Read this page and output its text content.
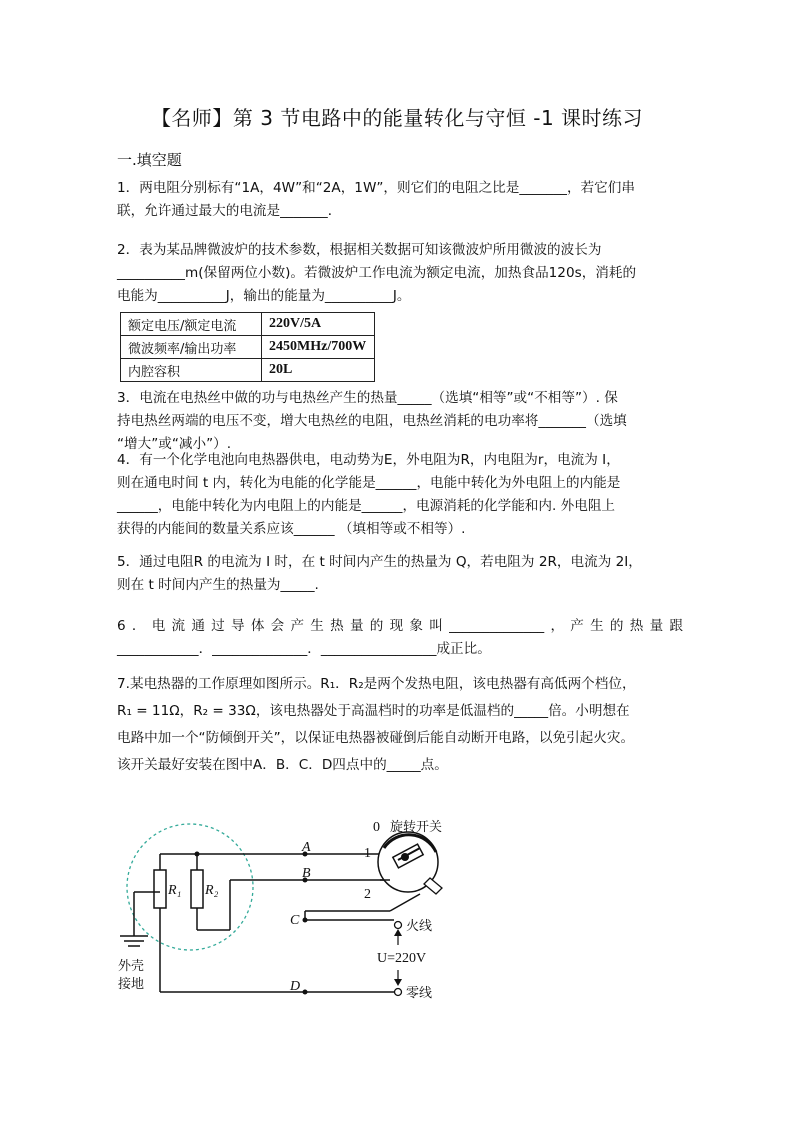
【名师】第 3 节电路中的能量转化与守恒 -1 课时练习
一.填空题

1．两电阻分别标有“1A，4W”和“2A，1W”，则它们的电阻之比是_______，若它们串

联，允许通过最大的电流是_______．

2．表为某品牌微波炉的技术参数，根据相关数据可知该微波炉所用微波的波长为

__________m(保留两位小数)。若微波炉工作电流为额定电流，加热食品120s，消耗的

电能为__________J，输出的能量为__________J。

额定电压/额定电流	220V/5A
微波频率/输出功率	2450MHz/700W
内腔容积	20L

3．电流在电热丝中做的功与电热丝产生的热量_____（选填“相等”或“不相等”）. 保

持电热丝两端的电压不变，增大电热丝的电阻，电热丝消耗的电功率将_______（选填

“增大”或“减小”）.

4．有一个化学电池向电热器供电，电动势为E，外电阻为R，内电阻为r，电流为 I，

则在通电时间 t 内，转化为电能的化学能是______，电能中转化为外电阻上的内能是

______，电能中转化为内电阻上的内能是______，电源消耗的化学能和内. 外电阻上

获得的内能间的数量关系应该______ （填相等或不相等）.

5．通过电阻R 的电流为 I 时，在 t 时间内产生的热量为 Q，若电阻为 2R，电流为 2I，

则在 t 时间内产生的热量为_____.

6．电流通过导体会产生热量的现象叫______________，产生的热量跟

____________．______________．_________________成正比。

7.某电热器的工作原理如图所示。R₁．R₂是两个发热电阻，该电热器有高低两个档位，

R₁ = 11Ω，R₂ = 33Ω，该电热器处于高温档时的功率是低温档的_____倍。小明想在

电路中加一个“防倾倒开关”，以保证电热器被碰倒后能自动断开电路，以免引起火灾。

该开关最好安装在图中A．B．C．D四点中的_____点。

0 旋转开关
1
2
A
B
C
D
R₁ R₂
火线
零线
U=220V
外壳
接地
